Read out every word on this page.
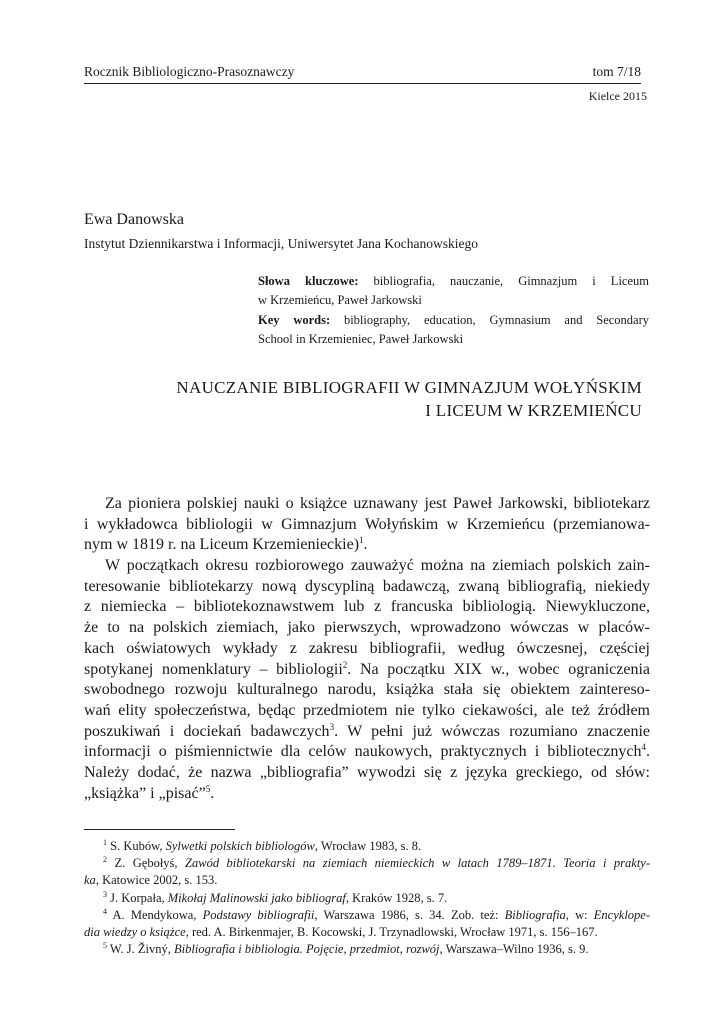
Rocznik Bibliologiczno-Prasoznawczy	tom 7/18
Kielce 2015
Ewa Danowska
Instytut Dziennikarstwa i Informacji, Uniwersytet Jana Kochanowskiego
Słowa kluczowe: bibliografia, nauczanie, Gimnazjum i Liceum
w Krzemieńcu, Paweł Jarkowski
Key words: bibliography, education, Gymnasium and Secondary
School in Krzemieniec, Paweł Jarkowski
NAUCZANIE BIBLIOGRAFII W GIMNAZJUM WOŁYŃSKIM
I LICEUM W KRZEMIEŃCU
Za pioniera polskiej nauki o książce uznawany jest Paweł Jarkowski, bibliotekarz
i wykładowca bibliologii w Gimnazjum Wołyńskim w Krzemieńcu (przemianowa-
nym w 1819 r. na Liceum Krzemienieckie)$^1$.
W początkach okresu rozbiorowego zauważyć można na ziemiach polskich zain-
teresowanie bibliotekarzy nową dyscypliną badawczą, zwaną bibliografią, niekiedy
z niemiecka – bibliotekoznawstwem lub z francuska bibliologią. Niewykluczone,
że to na polskich ziemiach, jako pierwszych, wprowadzono wówczas w placów-
kach oświatowych wykłady z zakresu bibliografii, według ówczesnej, częściej
spotykanej nomenklatury – bibliologii$^2$. Na początku XIX w., wobec ograniczenia
swobodnego rozwoju kulturalnego narodu, książka stała się obiektem zaintereso-
wań elity społeczeństwa, będąc przedmiotem nie tylko ciekawości, ale też źródłem
poszukiwań i dociekań badawczych$^3$. W pełni już wówczas rozumiano znaczenie
informacji o piśmiennictwie dla celów naukowych, praktycznych i bibliotecznych$^4$.
Należy dodać, że nazwa „bibliografia” wywodzi się z języka greckiego, od słów:
„książka” i „pisać”$^5$.
$^1$ S. Kubów, Sylwetki polskich bibliologów, Wrocław 1983, s. 8.
$^2$ Z. Gębołyś, Zawód bibliotekarski na ziemiach niemieckich w latach 1789–1871. Teoria i prakty-
ka, Katowice 2002, s. 153.
$^3$ J. Korpała, Mikołaj Malinowski jako bibliograf, Kraków 1928, s. 7.
$^4$ A. Mendykowa, Podstawy bibliografii, Warszawa 1986, s. 34. Zob. też: Bibliografia, w: Encyklope-
dia wiedzy o książce, red. A. Birkenmajer, B. Kocowski, J. Trzynadlowski, Wrocław 1971, s. 156–167.
$^5$ W. J. Živný, Bibliografia i bibliologia. Pojęcie, przedmiot, rozwój, Warszawa–Wilno 1936, s. 9.
